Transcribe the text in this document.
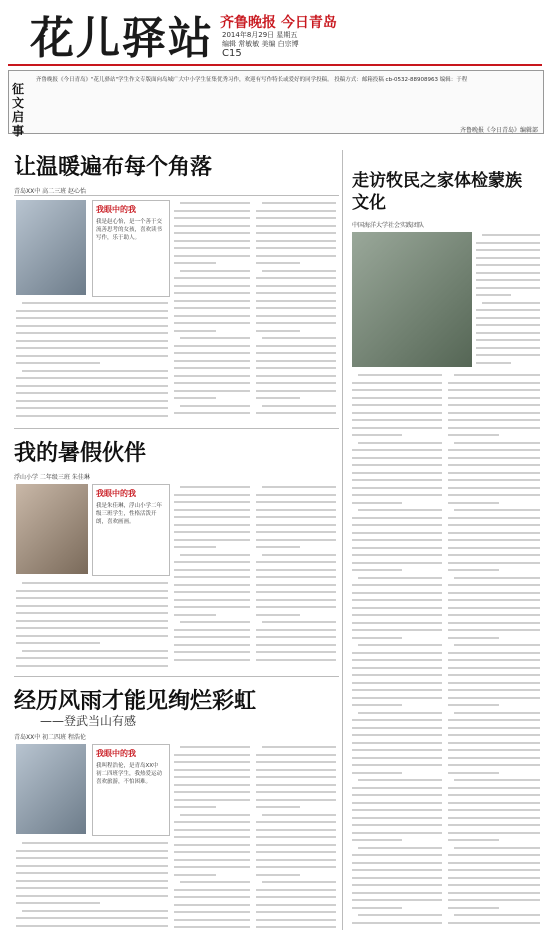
花儿驿站 齐鲁晚报 今日青岛
2014年8月29日 星期五
编辑 常敏敏 美编 白宗博
C15
征文启事
齐鲁晚报《今日青岛》"花儿驿站"学生作文专版面向岛城广大中小学生征集优秀习作，欢迎有写作特长或爱好的同学投稿。 投稿方式：邮箱投稿 cb-0532-88908963 编辑：于程
齐鲁晚报《今日青岛》编辑部
让温暖遍布每个角落
青岛XX中 高二三班 赵心怡
我眼中的我
我是赵心怡，是一个善于交流善思考的女孩，喜欢读书写作，乐于助人。
走访牧民之家体检蒙族文化
中国海洋大学社会实践团队
我的暑假伙伴
浮山小学 二年级三班 朱佳琳
我眼中的我
我是朱佳琳，浮山小学二年级三班学生，性格活泼开朗，喜欢画画。
经历风雨才能见绚烂彩虹
——登武当山有感
青岛XX中 初二四班 程浩伦
我眼中的我
我叫程浩伦，是青岛XX中初二四班学生，我热爱运动喜欢旅游，不怕困难。
